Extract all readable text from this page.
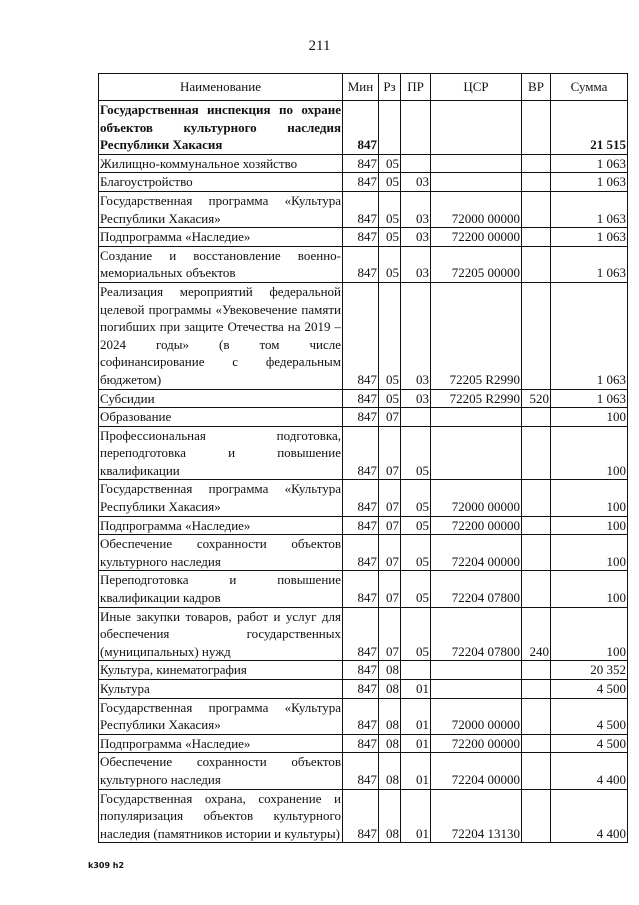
211
Наименование	Мин	Рз	ПР	ЦСР	ВР	Сумма
Государственная инспекция по охране объектов культурного наследия Республики Хакасия	847					21 515
Жилищно-коммунальное хозяйство	847	05				1 063
Благоустройство	847	05	03			1 063
Государственная программа «Культура Республики Хакасия»	847	05	03	72000 00000		1 063
Подпрограмма «Наследие»	847	05	03	72200 00000		1 063
Создание и восстановление военно-мемориальных объектов	847	05	03	72205 00000		1 063
Реализация мероприятий федеральной целевой программы «Увековечение памяти погибших при защите Отечества на 2019 – 2024 годы» (в том числе софинансирование с федеральным бюджетом)	847	05	03	72205 R2990		1 063
Субсидии	847	05	03	72205 R2990	520	1 063
Образование	847	07				100
Профессиональная подготовка, переподготовка и повышение квалификации	847	07	05			100
Государственная программа «Культура Республики Хакасия»	847	07	05	72000 00000		100
Подпрограмма «Наследие»	847	07	05	72200 00000		100
Обеспечение сохранности объектов культурного наследия	847	07	05	72204 00000		100
Переподготовка и повышение квалификации кадров	847	07	05	72204 07800		100
Иные закупки товаров, работ и услуг для обеспечения государственных (муниципальных) нужд	847	07	05	72204 07800	240	100
Культура, кинематография	847	08				20 352
Культура	847	08	01			4 500
Государственная программа «Культура Республики Хакасия»	847	08	01	72000 00000		4 500
Подпрограмма «Наследие»	847	08	01	72200 00000		4 500
Обеспечение сохранности объектов культурного наследия	847	08	01	72204 00000		4 400
Государственная охрана, сохранение и популяризация объектов культурного наследия (памятников истории и культуры)	847	08	01	72204 13130		4 400
k309 h2
